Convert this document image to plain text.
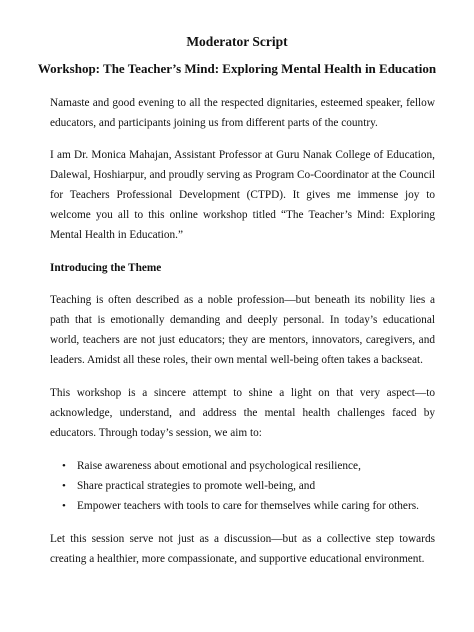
Moderator Script
Workshop: The Teacher’s Mind: Exploring Mental Health in Education

Namaste and good evening to all the respected dignitaries, esteemed speaker, fellow educators, and participants joining us from different parts of the country.

I am Dr. Monica Mahajan, Assistant Professor at Guru Nanak College of Education, Dalewal, Hoshiarpur, and proudly serving as Program Co-Coordinator at the Council for Teachers Professional Development (CTPD). It gives me immense joy to welcome you all to this online workshop titled “The Teacher’s Mind: Exploring Mental Health in Education.”

Introducing the Theme

Teaching is often described as a noble profession—but beneath its nobility lies a path that is emotionally demanding and deeply personal. In today’s educational world, teachers are not just educators; they are mentors, innovators, caregivers, and leaders. Amidst all these roles, their own mental well-being often takes a backseat.

This workshop is a sincere attempt to shine a light on that very aspect—to acknowledge, understand, and address the mental health challenges faced by educators. Through today’s session, we aim to:

• Raise awareness about emotional and psychological resilience,
• Share practical strategies to promote well-being, and
• Empower teachers with tools to care for themselves while caring for others.

Let this session serve not just as a discussion—but as a collective step towards creating a healthier, more compassionate, and supportive educational environment.
